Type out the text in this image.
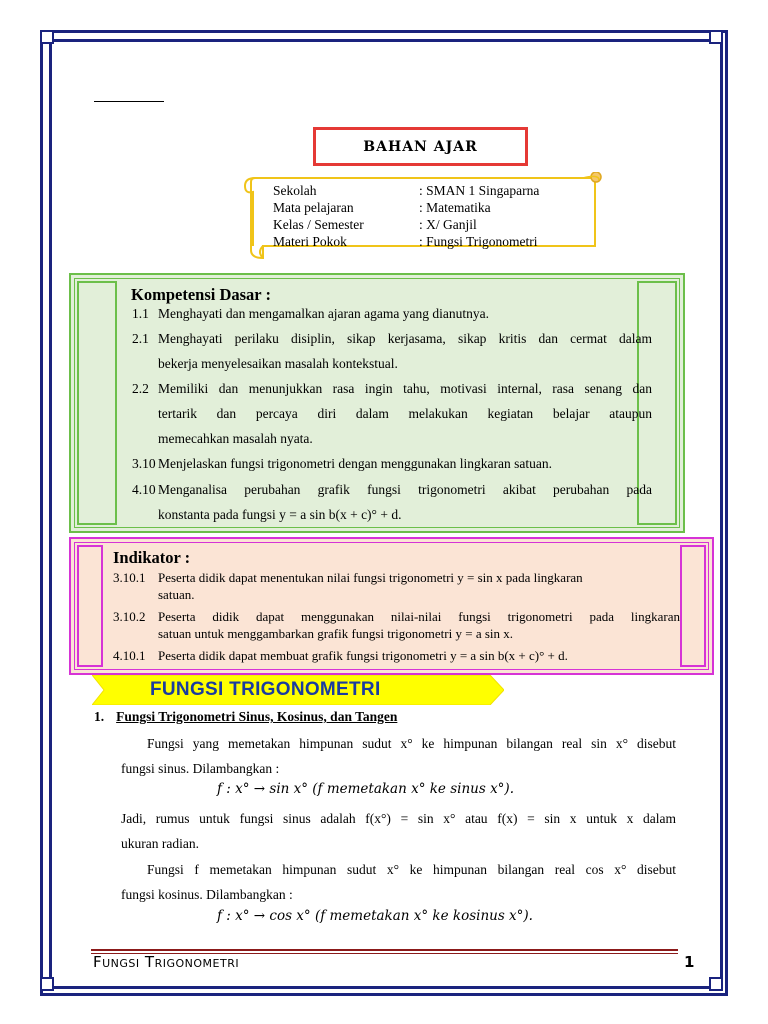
BAHAN AJAR
Sekolah	: SMAN 1 Singaparna
Mata pelajaran	: Matematika
Kelas / Semester	: X/ Ganjil
Materi Pokok	: Fungsi Trigonometri
Kompetensi Dasar :
1.1 Menghayati dan mengamalkan ajaran agama yang dianutnya.
2.1 Menghayati perilaku disiplin, sikap kerjasama, sikap kritis dan cermat dalam
bekerja menyelesaikan masalah kontekstual.
2.2 Memiliki dan menunjukkan rasa ingin tahu, motivasi internal, rasa senang dan
tertarik dan percaya diri dalam melakukan kegiatan belajar ataupun
memecahkan masalah nyata.
3.10 Menjelaskan fungsi trigonometri dengan menggunakan lingkaran satuan.
4.10 Menganalisa perubahan grafik fungsi trigonometri akibat perubahan pada
konstanta pada fungsi y = a sin b(x + c)° + d.
Indikator :
3.10.1 Peserta didik dapat menentukan nilai fungsi trigonometri y = sin x pada lingkaran
satuan.
3.10.2 Peserta didik dapat menggunakan nilai-nilai fungsi trigonometri pada lingkaran
satuan untuk menggambarkan grafik fungsi trigonometri y = a sin x.
4.10.1 Peserta didik dapat membuat grafik fungsi trigonometri y = a sin b(x + c)° + d.
FUNGSI TRIGONOMETRI
1. Fungsi Trigonometri Sinus, Kosinus, dan Tangen
Fungsi yang memetakan himpunan sudut x° ke himpunan bilangan real sin x° disebut
fungsi sinus. Dilambangkan :
f : x° → sin x° (f memetakan x° ke sinus x°).
Jadi, rumus untuk fungsi sinus adalah f(x°) = sin x° atau f(x) = sin x untuk x dalam
ukuran radian.
Fungsi f memetakan himpunan sudut x° ke himpunan bilangan real cos x° disebut
fungsi kosinus. Dilambangkan :
f : x° → cos x° (f memetakan x° ke kosinus x°).
Fungsi Trigonometri	1
